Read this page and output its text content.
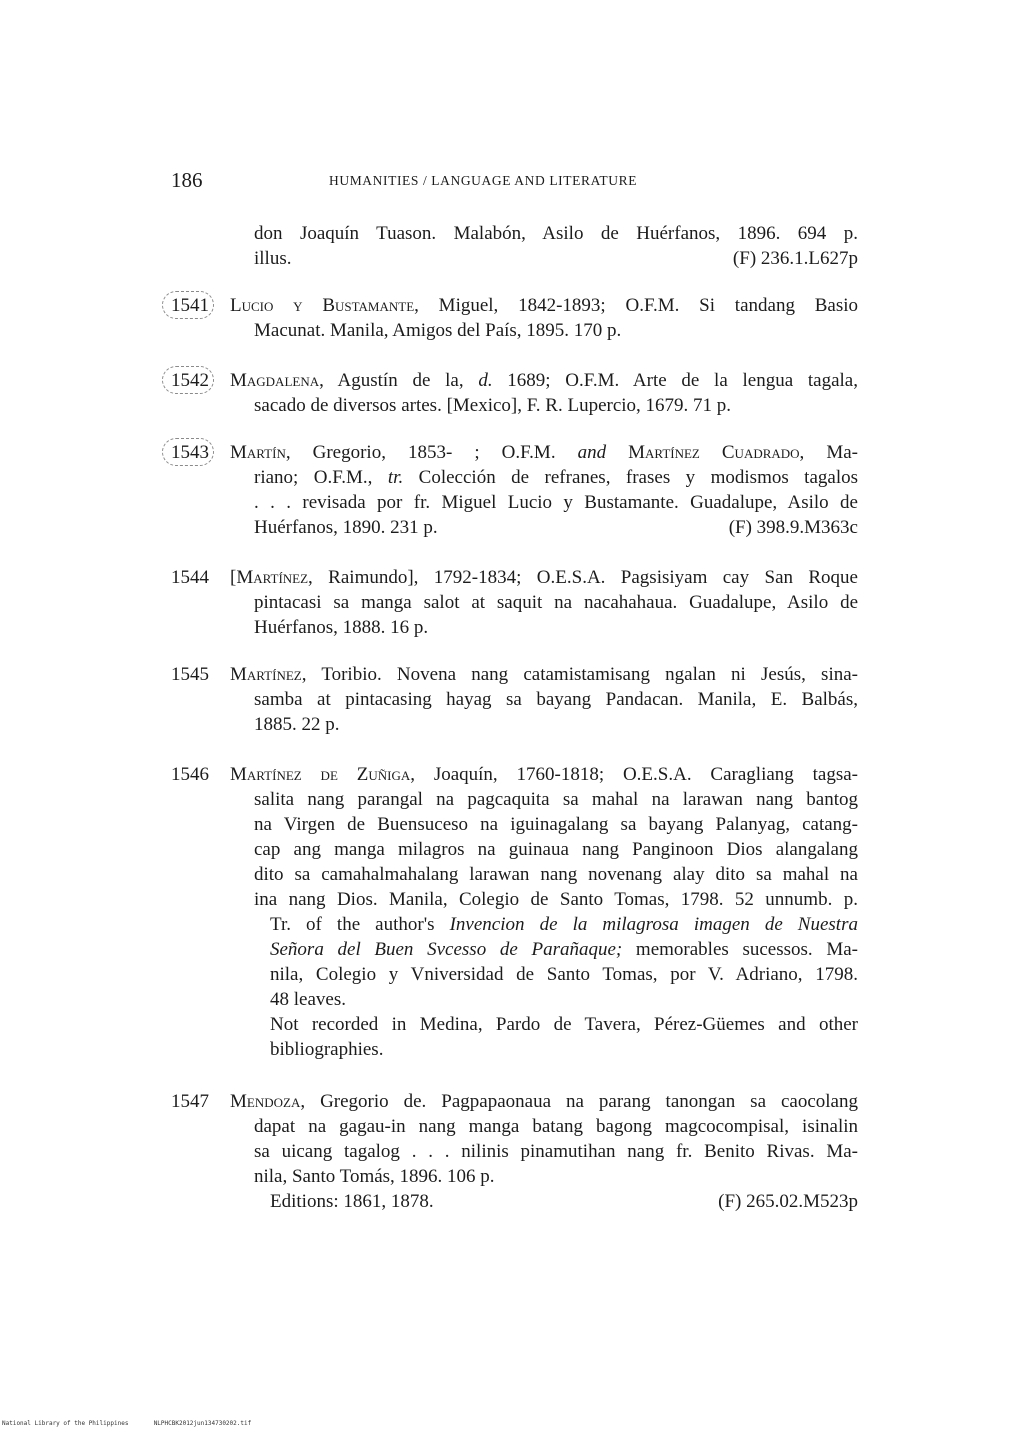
186	HUMANITIES / LANGUAGE AND LITERATURE
don Joaquín Tuason. Malabón, Asilo de Huérfanos, 1896. 694 p.
illus.	(F) 236.1.L627p
1541 Lucio y Bustamante, Miguel, 1842-1893; O.F.M. Si tandang Basio
Macunat. Manila, Amigos del País, 1895. 170 p.
1542 Magdalena, Agustín de la, d. 1689; O.F.M. Arte de la lengua tagala,
sacado de diversos artes. [Mexico], F. R. Lupercio, 1679. 71 p.
1543 Martín, Gregorio, 1853- ; O.F.M. and Martínez Cuadrado, Ma-
riano; O.F.M., tr. Colección de refranes, frases y modismos tagalos
. . . revisada por fr. Miguel Lucio y Bustamante. Guadalupe, Asilo de
Huérfanos, 1890. 231 p.	(F) 398.9.M363c
1544 [Martínez, Raimundo], 1792-1834; O.E.S.A. Pagsisiyam cay San Roque
pintacasi sa manga salot at saquit na nacahahaua. Guadalupe, Asilo de
Huérfanos, 1888. 16 p.
1545 Martínez, Toribio. Novena nang catamistamisang ngalan ni Jesús, sina-
samba at pintacasing hayag sa bayang Pandacan. Manila, E. Balbás,
1885. 22 p.
1546 Martínez de Zuñiga, Joaquín, 1760-1818; O.E.S.A. Caragliang tagsa-
salita nang parangal na pagcaquita sa mahal na larawan nang bantog
na Virgen de Buensuceso na iguinagalang sa bayang Palanyag, catang-
cap ang manga milagros na guinaua nang Panginoon Dios alangalang
dito sa camahalmahalang larawan nang novenang alay dito sa mahal na
ina nang Dios. Manila, Colegio de Santo Tomas, 1798. 52 unnumb. p.
Tr. of the author's Invencion de la milagrosa imagen de Nuestra
Señora del Buen Svcesso de Parañaque; memorables sucessos. Ma-
nila, Colegio y Vniversidad de Santo Tomas, por V. Adriano, 1798.
48 leaves.
Not recorded in Medina, Pardo de Tavera, Pérez-Güemes and other
bibliographies.
1547 Mendoza, Gregorio de. Pagpapaonaua na parang tanongan sa caocolang
dapat na gagau-in nang manga batang bagong magcocompisal, isinalin
sa uicang tagalog . . . nilinis pinamutihan nang fr. Benito Rivas. Ma-
nila, Santo Tomás, 1896. 106 p.
Editions: 1861, 1878.	(F) 265.02.M523p
National Library of the Philippines	NLPHCBK2012jun134730202.tif
